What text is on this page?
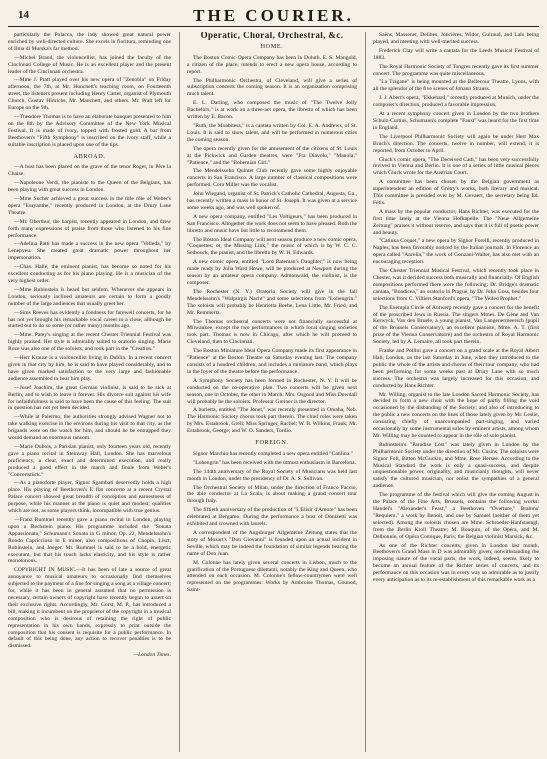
14	THE COURIER.

particularly the Polacca, the lady showed great natural power enriched by well-directed culture. She excels in fioritura, reminding one of Ilma di Murska's far method.

—Michel Brand, the violoncellist, has joined the faculty of the Cincinnati College of Music. He is an excellent player and the present leader of the Cincinnati orchestra.

—Mme J. Pratt played over his new opera of "Zenobia" on Friday afternoon, the 7th, at Mr. Hunchett's teaching room, on Fourteenth street, the listeners present including Henry Carter, organist of Plymouth Church, Gustav Hinrichs, Mr. Manchett, and others. Mr. Pratt left for Europe on the 9th.

—Theodore Thomas is to have an elaborate banquet presented to him on the 8th by the Advisory Committee of the New York Musical Festival. It is made of ivory, topped with frosted gold. A bar from Beethoven's "Fifth Symphony" is inscribed on the ivory staff, while a suitable inscription is placed upon one of the tips.

ABROAD.

—A bust has been placed on the grave of the tenor Roger, in Père la Chaise.

—Napoleone Verdi, the pianiste to the Queen of the Belgians, has been playing with great success in London.

—Mme Sucher achieved a great success in the title rôle of Weber's opera "Euryanthe," recently produced in London, at the Drury Lane Theatre.

—Mr. Oberthur, the harpist, recently appeared in London, and drew forth many expressions of praise from those who listened to his fine performance.

—Adelina Patti has made a success in the new opera "Velleda," by Lenepveu. She created great dramatic power throughout her impersonation.

—Chas. Hallé, the eminent pianist, has become so noted for his excellent conducting as for his piano playing. He is a musician of the very highest order.

—Mme Rubinstein is heard but seldom. Whenever she appears in London, seriously inclined amateurs are certain to form a goodly number of the large audiences that usually greet her.

—Sims Reeves has evidently a fondness for farewell concerts, for he has not yet brought his remarkable vocal career to a close, although he started out to do so some (or rather many) months ago.

—Mme. Patey's singing at the recent Chester Triennial Festival was highly praised. Her style is admirably suited to oratorio singing. Marie Roze was also one of the soloists, and took part in the "Creation."

—Herr Krause is a violoncellist living in Dublin. In a recent concert given in that city by him, he is said to have played considerably, and to have given marked satisfaction to the very large and fashionable audience assembled to hear him play.

—Josef Joachim, the great German violinist, is said to be sick at Berlin, and to wish to leave it forever. His divorce suit against his wife for unfaithfulness is said to have been the cause of this feeling. The suit in question has not yet been decided.

—While at Palermo, the authorities strongly advised Wagner not to take walking exercise in the environs during his visit to that city, as the brigands were on the watch for him, and should he be entrapped they would demand an enormous ransom.

—Marie Dubois, a Parisian pianist, only fourteen years old, recently gave a piano recital in Steinway Hall, London. She has marvelous proficiency, a clear, exact and determined execution, and really produced a good effect in the march and finale from Weber's "Concertstück."

—As a pianoforte player, Signor Sgambati deservedly holds a high place. His playing of Beethoven's E flat concerto at a recent Crystal Palace concert showed great breadth of conception and earnestness of purpose, while his manner at the piano is quiet and modest; qualities which are not, as some players think, incompatible with true genius.

—Franz Rummel recently gave a piano recital in London, playing upon a Bechstein piano. His programme included the "Sonata Appassionata," Schumann's Sonata in G minor, Op. 22, Mendelssohn's Rondo Capriccioso in E minor, also compositions of Chopin, Liszt, Rubinstein, and Joeger. Mr. Rummel is said to be a bold, energetic executant, but that his touch lacks elasticity, and his style is rather monotonous.

COPYRIGHT IN MUSIC.—It has been of late a source of great annoyance to musical amateurs to occasionally find themselves subjected to the payment of a fine for singing a song at a village concert; for, while it has been in general assumed that no permission is necessary, certain owners of copyright have recently begun to assert on their exclusive rights. Accordingly, Mr. Gorst, M. P., has introduced a bill, making it incumbent on the proprietor of the copyright in a musical composition who is desirous of retaining the right of public representation in his own hands, expressly to print outside the composition that his consent is requisite for a public performance. In default of this being done, any action to recover penalties is to be dismissed.

—London Times.

Operatic, Choral, Orchestral, &c.
HOME.

The Boston Comic Opera Company has been in Duluth. E. S. Mangold, a citizen of the place, intends to erect a new opera house, according to report.

The Philharmonic Orchestra, of Cleveland, will give a series of subscription concerts the coming season. It is an organization comprising much talent.

E. L. Darling, who composed the music of "The Twelve Jolly Bachelors," is at work on a three-act opera, the libretto of which has been written by E. Bacon.

"Ruth, the Moabitess," is a cantata written by Col. E. A. Andrews, of St. Louis. It is said to show talent, and will be performed in numerous cities the coming season.

The opera recently given for the amusement of the citizens of St. Louis at the Pickwick and Garden theatres, were "Fra Diavolo," "Manola," "Patience," and the "Bohemian Girl."

The Mendelssohn Quintet Club recently gave some highly enjoyable concerts in San Francisco. A large number of classical compositions were performed. Cora Miller was the vocalist.

John Wiegand, organist of St. Patrick's Catholic Cathedral, Augusta, Ga., has recently written a mass in honor of St. Joseph. It was given at a service some weeks ago, and was well spoken of.

A new opera company, entitled "Les Voltigeurs," has been produced in San Francisco. Altogether the work does not seem to have pleased. Both the libretto and music have but little to recommend them.

The Boston Ideal Company will next season produce a new comic opera, "Coquettes; or, the Missing Link," the music of which is by W. C. C. Seibouck, the pianist, and the libretto by W. H. Edwards.

A new comic opera, entitled "Lord Bateman's Daughter," is now being made ready by Julia Ward Howe, will be produced at Newport during the season by an amateur opera company. Admonwald, the violinist, is the composer.

The Rochester (N. Y.) Oratorio Society will give in the fall Mendelssohn's "Walpurgis Nacht" and some selections from "Lohengrin." The soloists will probably be Henrietta Beebe, Lena Little, Mr. Fried, and Mr. Remmertz.

The Thomas orchestral concerts were not financially successful at Milwaukee, except the two performances in which local singing societies took part. Thomas is now in Chicago, after which he will proceed to Cleveland, then to Cincinnati.

The Boston Miniature Ideal Opera Company made its first appearance in "Patience" at the Boston Theatre on Saturday evening last. The company consists of a hundred children, and includes a miniature band, which plays in the foyer of the theatre before the performance.

A Symphony Society has been formed in Rochester, N. Y. It will be conducted on the co-operative plan. Two concerts will be given next season, one in October, the other in March. Mrs. Osgood and Miss Dowdall will probably be the soloists. Professor Greiner is the director.

A burletta, entitled "The Jonet," was recently presented in Omaha, Neb. The Harmonic Society chorus took part therein. The chief roles were taken by Mrs. Estabrook, Grell; Miss Springer, Rachel; W. B. Wilkins, Frank; Mr. Estabrook, George; and W. O. Sanders, Tordio.

FOREIGN.

Signor Marchio has recently completed a new opera entitled "Catilina."

"Lohengrin" has been received with the utmost enthusiasm in Barcelona.

The 144th anniversary of the Royal Society of Musicians was held last month in London, under the presidency of Dr. A. S. Sullivan.

The Orchestral Society of Milan, under the direction of Franco Faccio, the able conductor at La Scala, is about making a grand concert tour through Italy.

The fiftieth anniversary of the production of "L'Elisir d'Amore" has been celebrated at Bergamo. During the performance a bust of Donizetti was exhibited and crowned with laurels.

A correspondent of the Augsburger Allgemeine Zeitung states that the story of Mozart's "Don Giovanni" is founded upon an actual incident in Seville, which may be indeed the foundation of similar legends bearing the name of Don Juan.

M. Colonne has lately given several concerts in Lisbon, much to the gratification of the Portuguese dilettanti, notably the King and Queen, who attended on each occasion. M. Colonne's fellow-countrymen were well represented on the programmes: Works by Ambroise Thomas, Gounod, Saint-

Saëns, Massenet, Delibes, Joncières, Widor, Guiraud, and Lalo being played, and meeting with well-merited success.

Frederick Clay will write a cantata for the Leeds Musical Festival of 1883.

The Royal Harmonic Society of Tongres recently gave its first summer concert. The programme was quite miscellaneous.

"La Tzigane" is being mounted at the Bellecour Theatre, Lyons, with all the splendor of the five scenes of Johann Strauss.

J. J. Abert's opera, "Ekkehard," recently produced at Munich, under the composer's direction, produced a favorable impression.

At a recent symphony concert given in London by the two brothers Schulz-Curtius, Schumann's complete "Faust" was heard for the first time in England.

The Liverpool Philharmonic Society will again be under Herr Max Bruch's direction. The concerts, twelve in number, will extend, it is reported, from October to April.

Gluck's comic opera, "The Deceived Cadi," has been very successfully revived in Vienna and Berlin. It is one of a series of little musical pieces which Gluck wrote for the Austrian Court.

A committee has been chosen by the Belgian government as superintendent an edition of Grétry's works, both literary and musical. This committee is presided over by M. Gevaert, the secretary being Ed. Fétis.

A mass by the popular conductor, Hans Richter, was executed for the first time lately at the Vienna Hofkapelle. The "Neue Allgemeine Zeitung" praises it without reserve, and says that it is full of poetic power and beauty.

"Catinka Coquet," a new opera by Signor Forelli, recently produced in Naples, has been favorably noticed by the Italian journals. In Florence an opera called "Anrelia," the work of Gonzani-Walter, has also met with an encouraging reception.

The Chester Triennial Musical Festival, which recently took place in Chester, was it decided success both musically and financially. Of English compositions performed there were the following: Dr. Bridge's dramatic cantata, "Boadicea," an oratorio in Prague, by Dr. John Goss, besides four selections from C. Villiers Stanford's opera, "The Veiled Prophet."

The Exempla Circle of Antwerp recently gave a concert for the benefit of the proscribed Jews in Russia. The singers Mmes. De Gène and Van Kerwyck, Van den Bruele, a young pianist, Van Langenermeersch (pupil of the Brussels Conservatory), an excellent pianiste, Mme. A. T. (first prize of the Vienna Conservatoire) and the orchestra of Royal Harmonic Society, led by A. Lemaire, all took part therein.

Franke and Pollini gave a concert on a grand scale at the Royal Albert Hall, London, on the last Saturday in June, when they introduced to the public the whole of the artists and chorus of their tour company, who had been performing for some weeks past at Drury Lane with so much success. The orchestra was largely increased for this occasion, and conducted by Hans Richter.

Mr. Willing, organist to the late London Sacred Harmonic Society, has decided to form a new choir with the hope of partly filling the void occasioned by the disbanding of the Society; and also of introducing to the public a new concerts on the lines of those lately given by Mr. Leslie, consisting chiefly of unaccompanied part-singing, and varied occasionally by some instrumental solos by eminent artists, among whom Mr. Willing may be counted to appear in the rôle of solo pianist.

Rubinstein's "Paradise Lost" was lately given in London by the Philharmonic Society under the direction of Mr. Cusins. The soloists were Signor Foli, Bitton McGuckin, and Mme. Rose Hersee. According to the Musical Standard the work is only a quasi-success, and despite unquestionable power, originality, and musicianly thoughts, will never satisfy the cultured musician, nor enlist the sympathies of a general audience.

The programme of the festival which will give the coming August in the Palace of the Fine Arts, Brussels, contains the following works: Handel's "Alexander's Feast," a Beethoven "Overture," Brahms' "Requiem," a work by Benoit, and one by Samuel (neither of them yet selected). Among the soloists chosen are Mme. Schroeder-Hanfstaengl, from the Berlin Kroll Theatre; M. Bouquin, of the Opéra, and M. Delbonnie, of Opéra Comique, Paris; the Belgian violinist Marsick, &c.

As one of the Richter concerts, given in London last month, Beethoven's Grand Mass in D was admirably given; notwithstanding the imposing nature of the vocal parts, the work, indeed, seems likely to become an annual feature of the Richter series of concerts, and its performance on this occasion was in every way so admirable as to justify every anticipation as to its re-establishment of this remarkable work as a
